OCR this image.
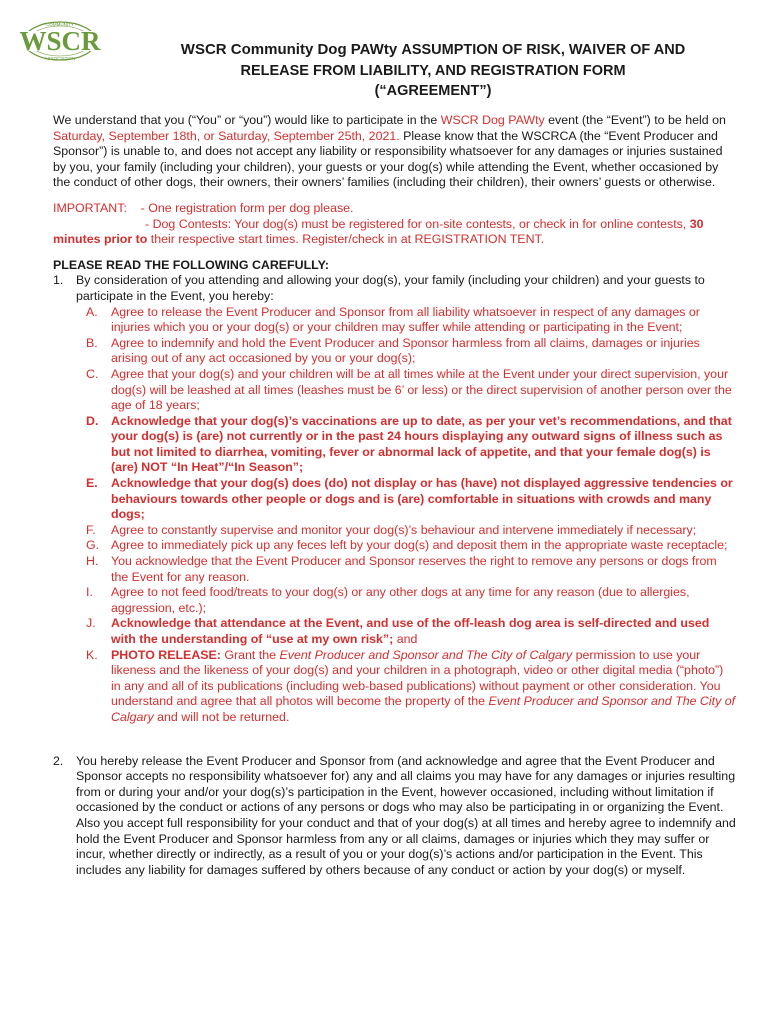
WSCR
COMMUNITY
ASSOCIATION
WSCR Community Dog PAWty ASSUMPTION OF RISK, WAIVER OF AND
RELEASE FROM LIABILITY, AND REGISTRATION FORM
(“AGREEMENT”)

We understand that you (“You” or “you”) would like to participate in the WSCR Dog PAWty event (the “Event”) to be held on Saturday, September 18th, or Saturday, September 25th, 2021. Please know that the WSCRCA (the “Event Producer and Sponsor”) is unable to, and does not accept any liability or responsibility whatsoever for any damages or injuries sustained by you, your family (including your children), your guests or your dog(s) while attending the Event, whether occasioned by the conduct of other dogs, their owners, their owners’ families (including their children), their owners’ guests or otherwise.

IMPORTANT: - One registration form per dog please.
- Dog Contests: Your dog(s) must be registered for on-site contests, or check in for online contests, 30 minutes prior to their respective start times. Register/check in at REGISTRATION TENT.
PLEASE READ THE FOLLOWING CAREFULLY:
1. By consideration of you attending and allowing your dog(s), your family (including your children) and your guests to participate in the Event, you hereby:
A. Agree to release the Event Producer and Sponsor from all liability whatsoever in respect of any damages or injuries which you or your dog(s) or your children may suffer while attending or participating in the Event;
B. Agree to indemnify and hold the Event Producer and Sponsor harmless from all claims, damages or injuries arising out of any act occasioned by you or your dog(s);
C. Agree that your dog(s) and your children will be at all times while at the Event under your direct supervision, your dog(s) will be leashed at all times (leashes must be 6’ or less) or the direct supervision of another person over the age of 18 years;
D. Acknowledge that your dog(s)’s vaccinations are up to date, as per your vet’s recommendations, and that your dog(s) is (are) not currently or in the past 24 hours displaying any outward signs of illness such as but not limited to diarrhea, vomiting, fever or abnormal lack of appetite, and that your female dog(s) is (are) NOT “In Heat”/“In Season”;
E. Acknowledge that your dog(s) does (do) not display or has (have) not displayed aggressive tendencies or behaviours towards other people or dogs and is (are) comfortable in situations with crowds and many dogs;
F. Agree to constantly supervise and monitor your dog(s)’s behaviour and intervene immediately if necessary;
G. Agree to immediately pick up any feces left by your dog(s) and deposit them in the appropriate waste receptacle;
H. You acknowledge that the Event Producer and Sponsor reserves the right to remove any persons or dogs from the Event for any reason.
I. Agree to not feed food/treats to your dog(s) or any other dogs at any time for any reason (due to allergies, aggression, etc.);
J. Acknowledge that attendance at the Event, and use of the off-leash dog area is self-directed and used with the understanding of “use at my own risk”; and
K. PHOTO RELEASE: Grant the Event Producer and Sponsor and The City of Calgary permission to use your likeness and the likeness of your dog(s) and your children in a photograph, video or other digital media (“photo”) in any and all of its publications (including web-based publications) without payment or other consideration. You understand and agree that all photos will become the property of the Event Producer and Sponsor and The City of Calgary and will not be returned.
2. You hereby release the Event Producer and Sponsor from (and acknowledge and agree that the Event Producer and Sponsor accepts no responsibility whatsoever for) any and all claims you may have for any damages or injuries resulting from or during your and/or your dog(s)’s participation in the Event, however occasioned, including without limitation if occasioned by the conduct or actions of any persons or dogs who may also be participating in or organizing the Event. Also you accept full responsibility for your conduct and that of your dog(s) at all times and hereby agree to indemnify and hold the Event Producer and Sponsor harmless from any or all claims, damages or injuries which they may suffer or incur, whether directly or indirectly, as a result of you or your dog(s)’s actions and/or participation in the Event. This includes any liability for damages suffered by others because of any conduct or action by your dog(s) or myself.
